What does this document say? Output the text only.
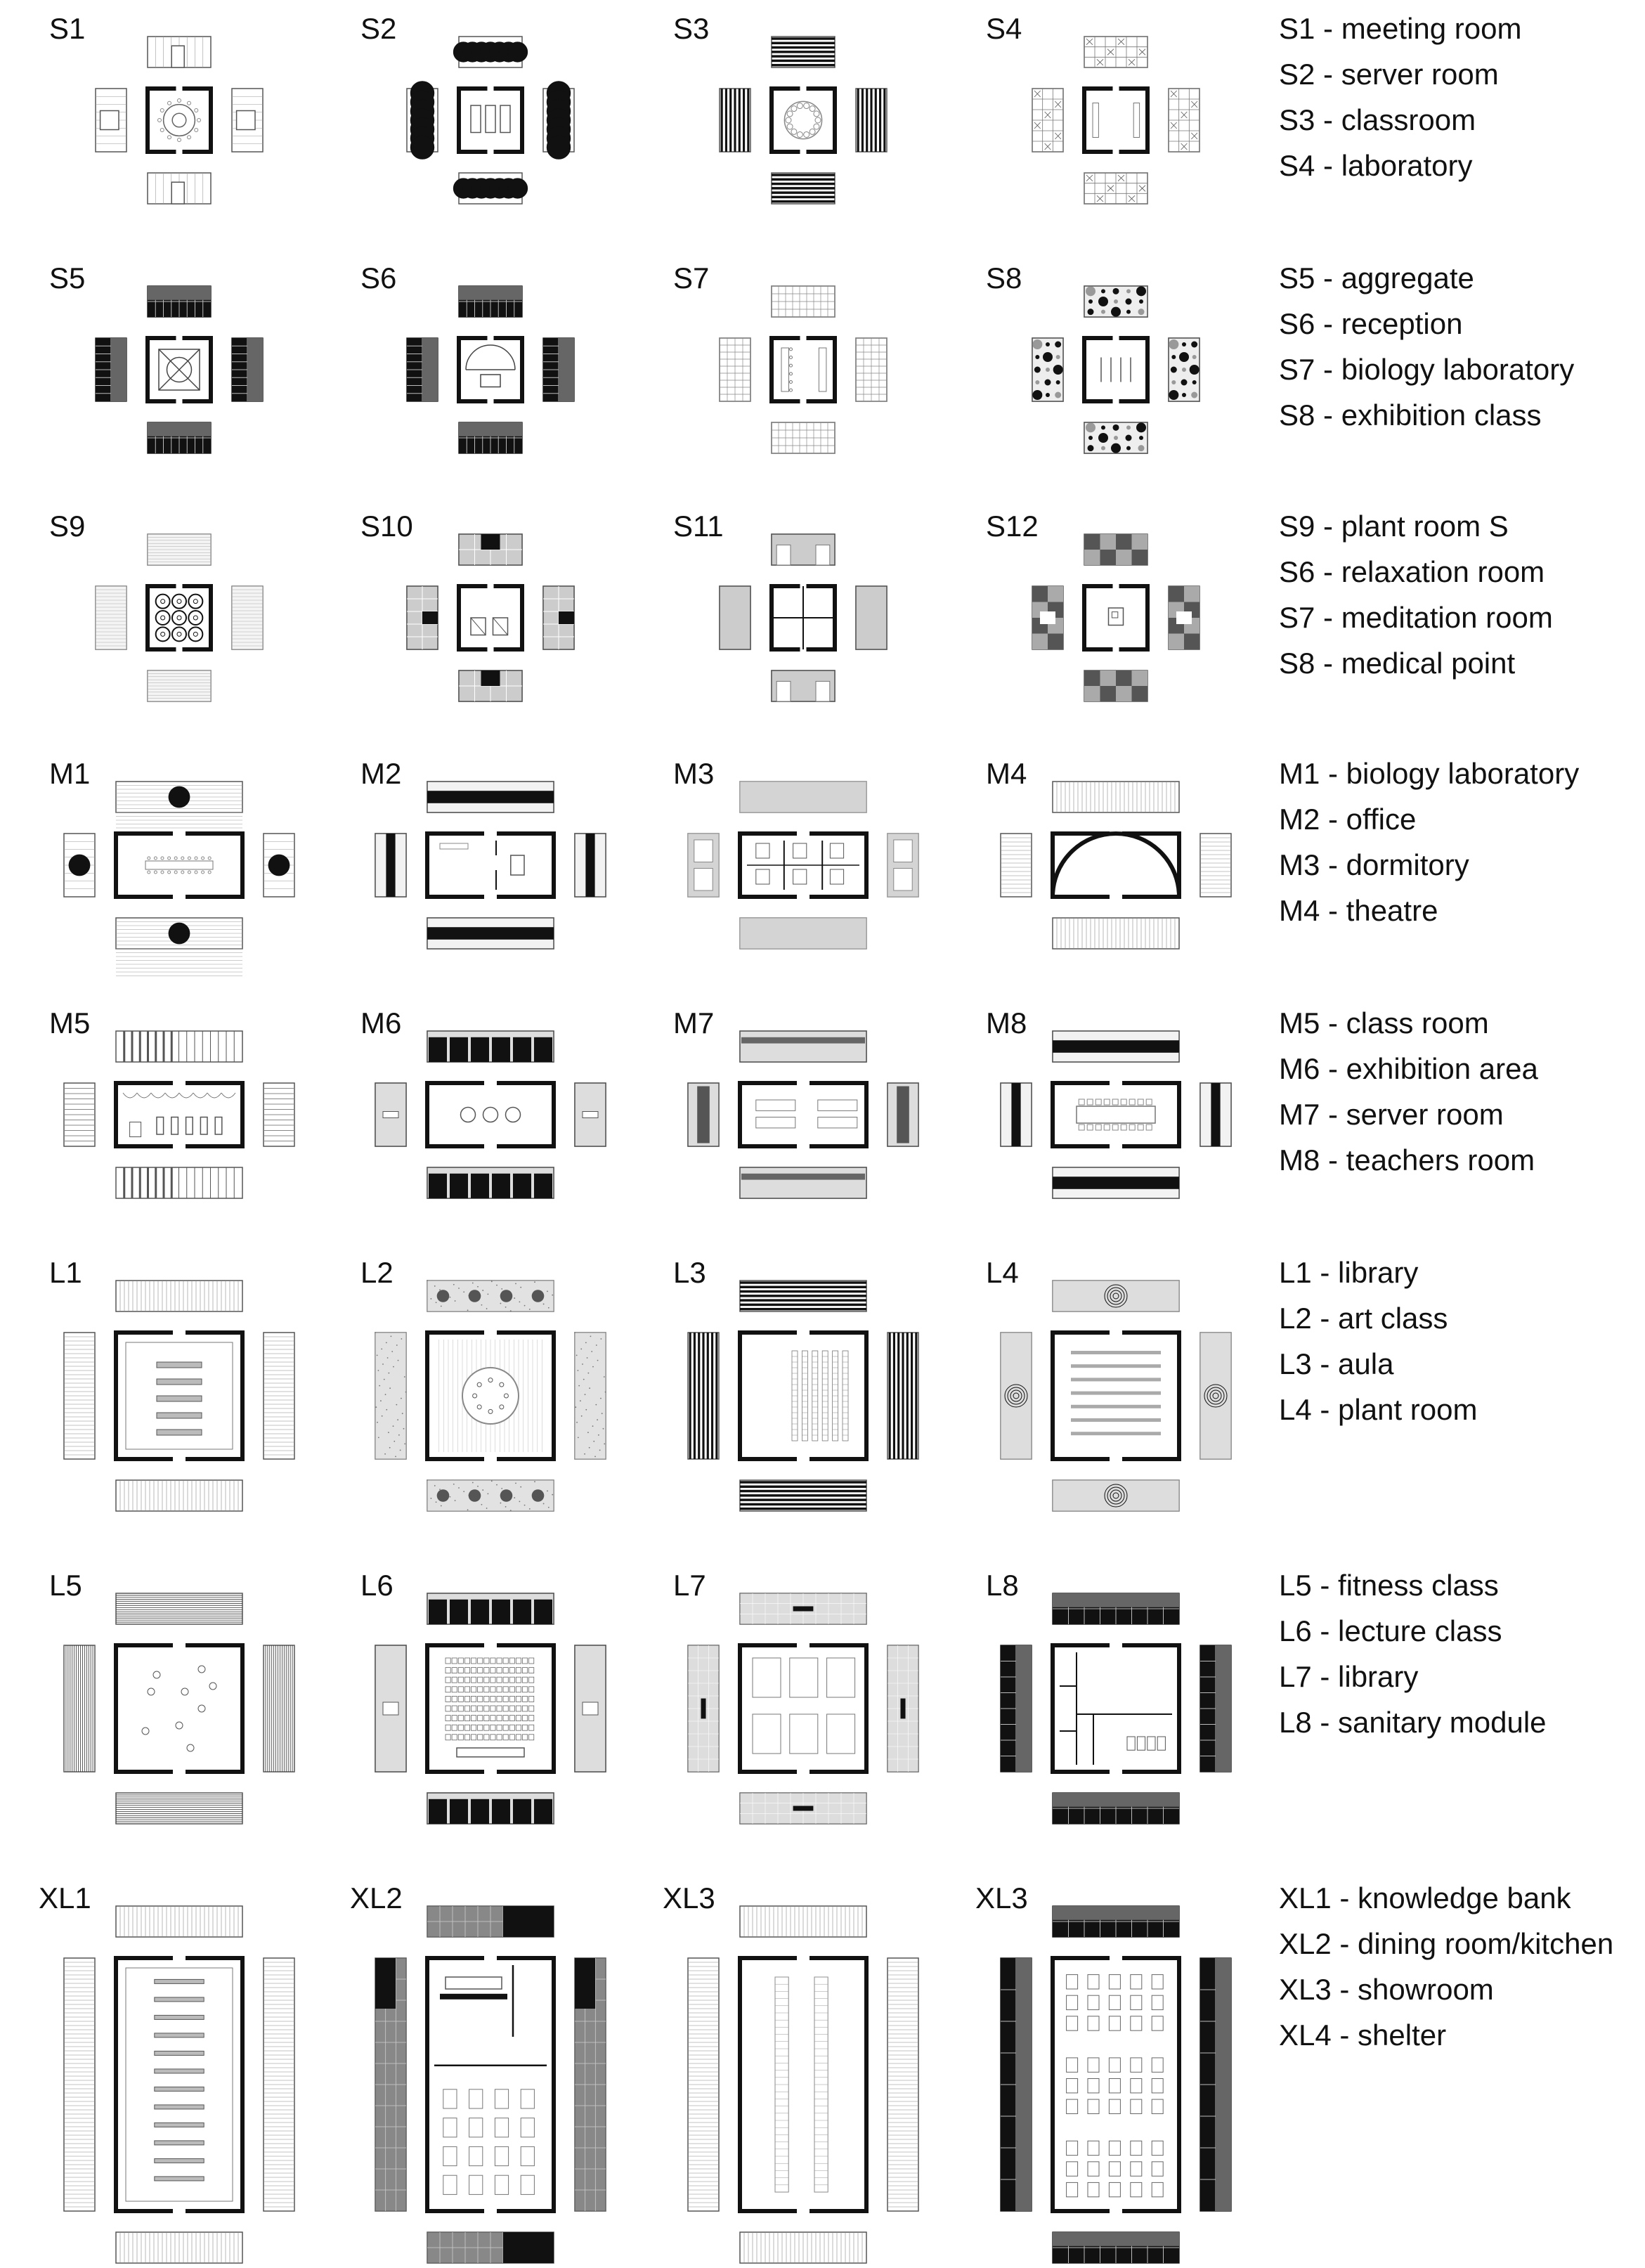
S1	S2	S3	S4	S1 - meeting room
S2 - server room
S3 - classroom
S4 - laboratory
S5	S6	S7	S8	S5 - aggregate
S6 - reception
S7 - biology laboratory
S8 - exhibition class
S9	S10	S11	S12	S9 - plant room S
S6 - relaxation room
S7 - meditation room
S8 - medical point
M1	M2	M3	M4	M1 - biology laboratory
M2 - office
M3 - dormitory
M4 - theatre
M5	M6	M7	M8	M5 - class room
M6 - exhibition area
M7 - server room
M8 - teachers room
L1	L2	L3	L4	L1 - library
L2 - art class
L3 - aula
L4 - plant room
L5	L6	L7	L8	L5 - fitness class
L6 - lecture class
L7 - library
L8 - sanitary module
XL1	XL2	XL3	XL3	XL1 - knowledge bank
XL2 - dining room/kitchen
XL3 - showroom
XL4 - shelter
